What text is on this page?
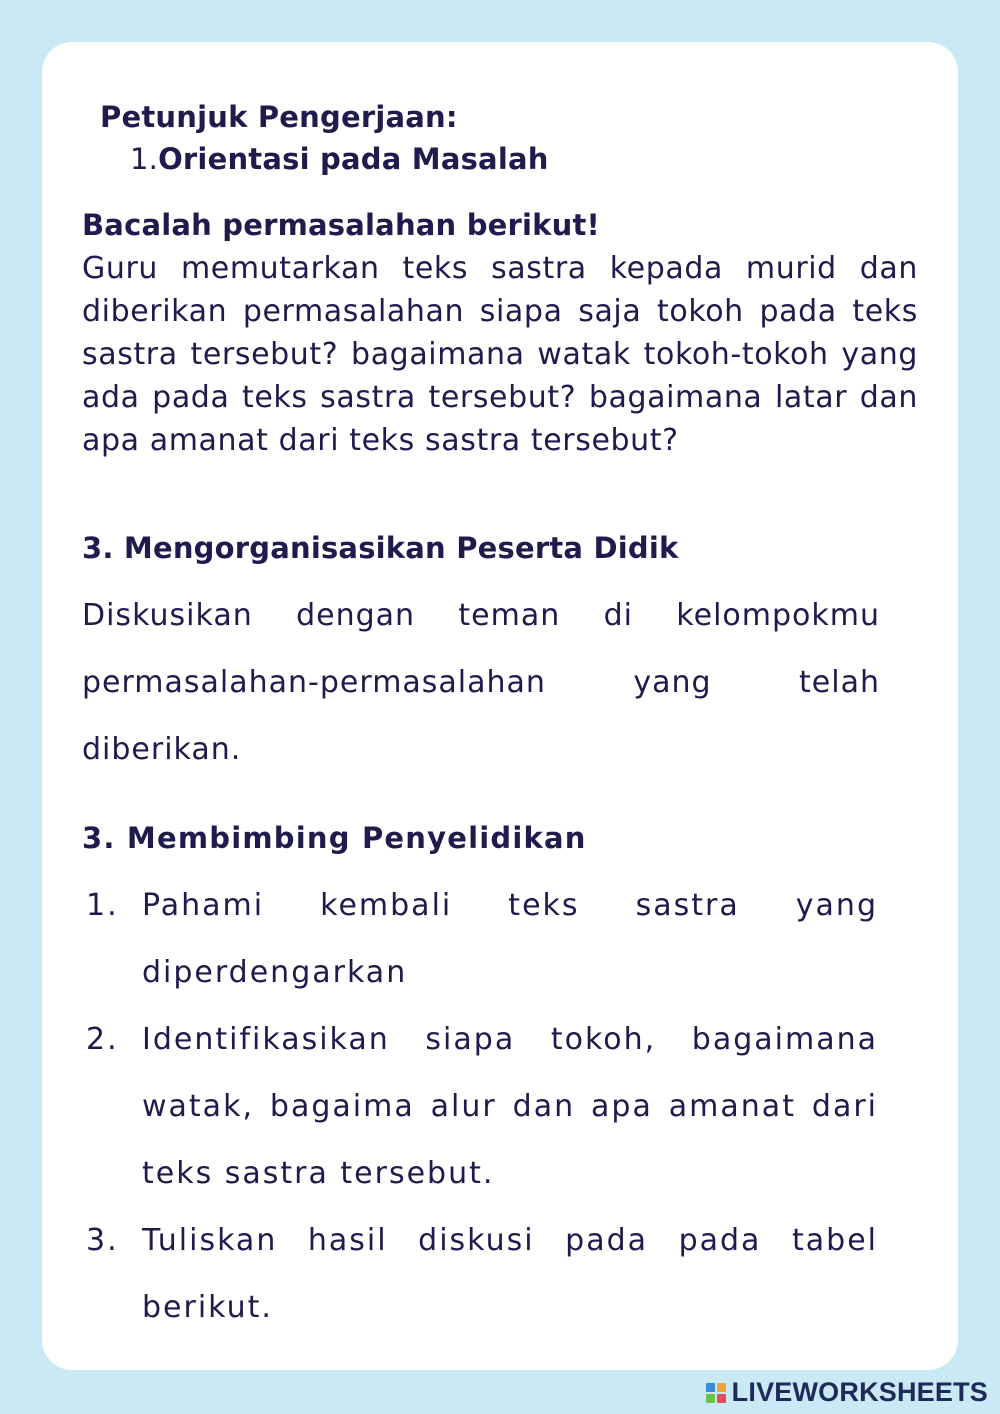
Petunjuk Pengerjaan:

1.Orientasi pada Masalah

Bacalah permasalahan berikut!

Guru memutarkan teks sastra kepada murid dan diberikan permasalahan siapa saja tokoh pada teks sastra tersebut? bagaimana watak tokoh-tokoh yang ada pada teks sastra tersebut? bagaimana latar dan apa amanat dari teks sastra tersebut?

3. Mengorganisasikan Peserta Didik

Diskusikan dengan teman di kelompokmu permasalahan-permasalahan yang telah diberikan.

3. Membimbing Penyelidikan

1. Pahami kembali teks sastra yang diperdengarkan
2. Identifikasikan siapa tokoh, bagaimana watak, bagaima alur dan apa amanat dari teks sastra tersebut.
3. Tuliskan hasil diskusi pada pada tabel berikut.
LIVEWORKSHEETS
